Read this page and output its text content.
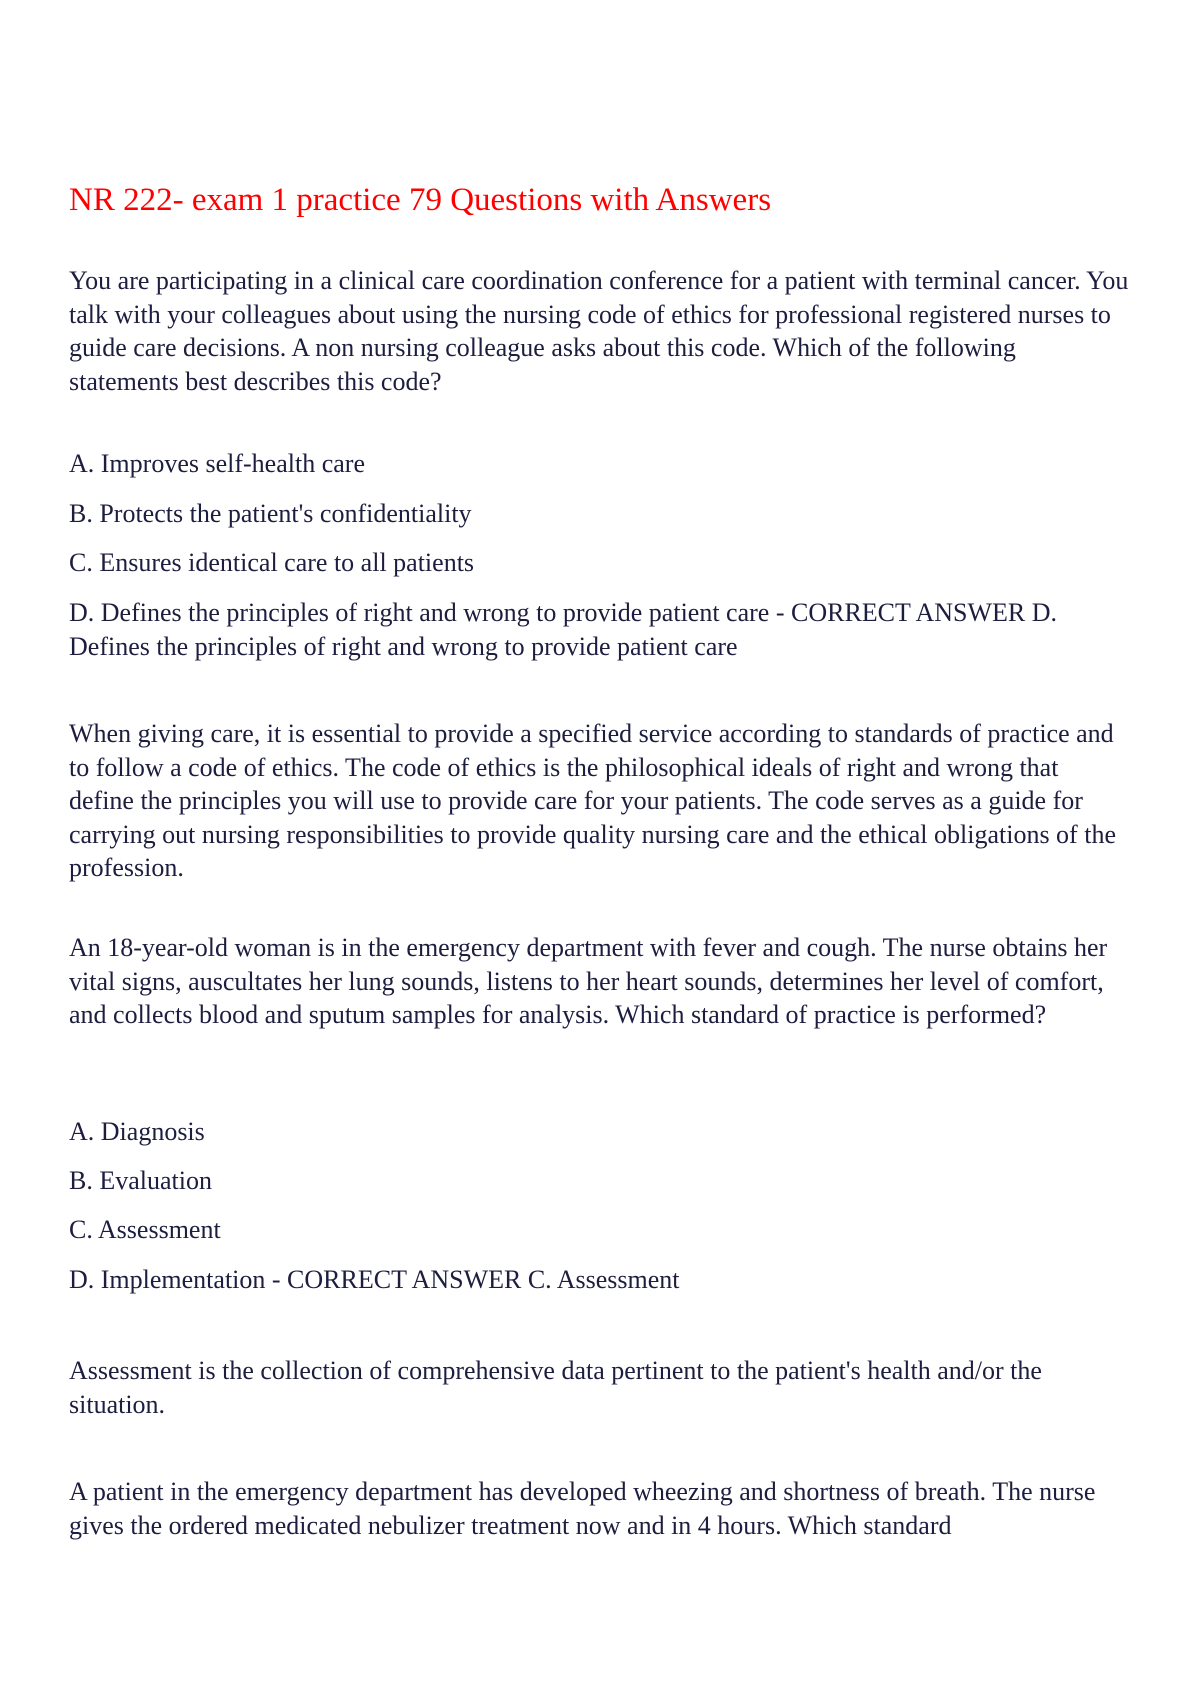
NR 222- exam 1 practice 79 Questions with Answers

You are participating in a clinical care coordination conference for a patient with terminal cancer. You talk with your colleagues about using the nursing code of ethics for professional registered nurses to guide care decisions. A non nursing colleague asks about this code. Which of the following statements best describes this code?

A. Improves self-health care

B. Protects the patient's confidentiality

C. Ensures identical care to all patients

D. Defines the principles of right and wrong to provide patient care - CORRECT ANSWER D. Defines the principles of right and wrong to provide patient care

When giving care, it is essential to provide a specified service according to standards of practice and to follow a code of ethics. The code of ethics is the philosophical ideals of right and wrong that define the principles you will use to provide care for your patients. The code serves as a guide for carrying out nursing responsibilities to provide quality nursing care and the ethical obligations of the profession.

An 18-year-old woman is in the emergency department with fever and cough. The nurse obtains her vital signs, auscultates her lung sounds, listens to her heart sounds, determines her level of comfort, and collects blood and sputum samples for analysis. Which standard of practice is performed?

A. Diagnosis

B. Evaluation

C. Assessment

D. Implementation - CORRECT ANSWER C. Assessment

Assessment is the collection of comprehensive data pertinent to the patient's health and/or the situation.

A patient in the emergency department has developed wheezing and shortness of breath. The nurse gives the ordered medicated nebulizer treatment now and in 4 hours. Which standard
